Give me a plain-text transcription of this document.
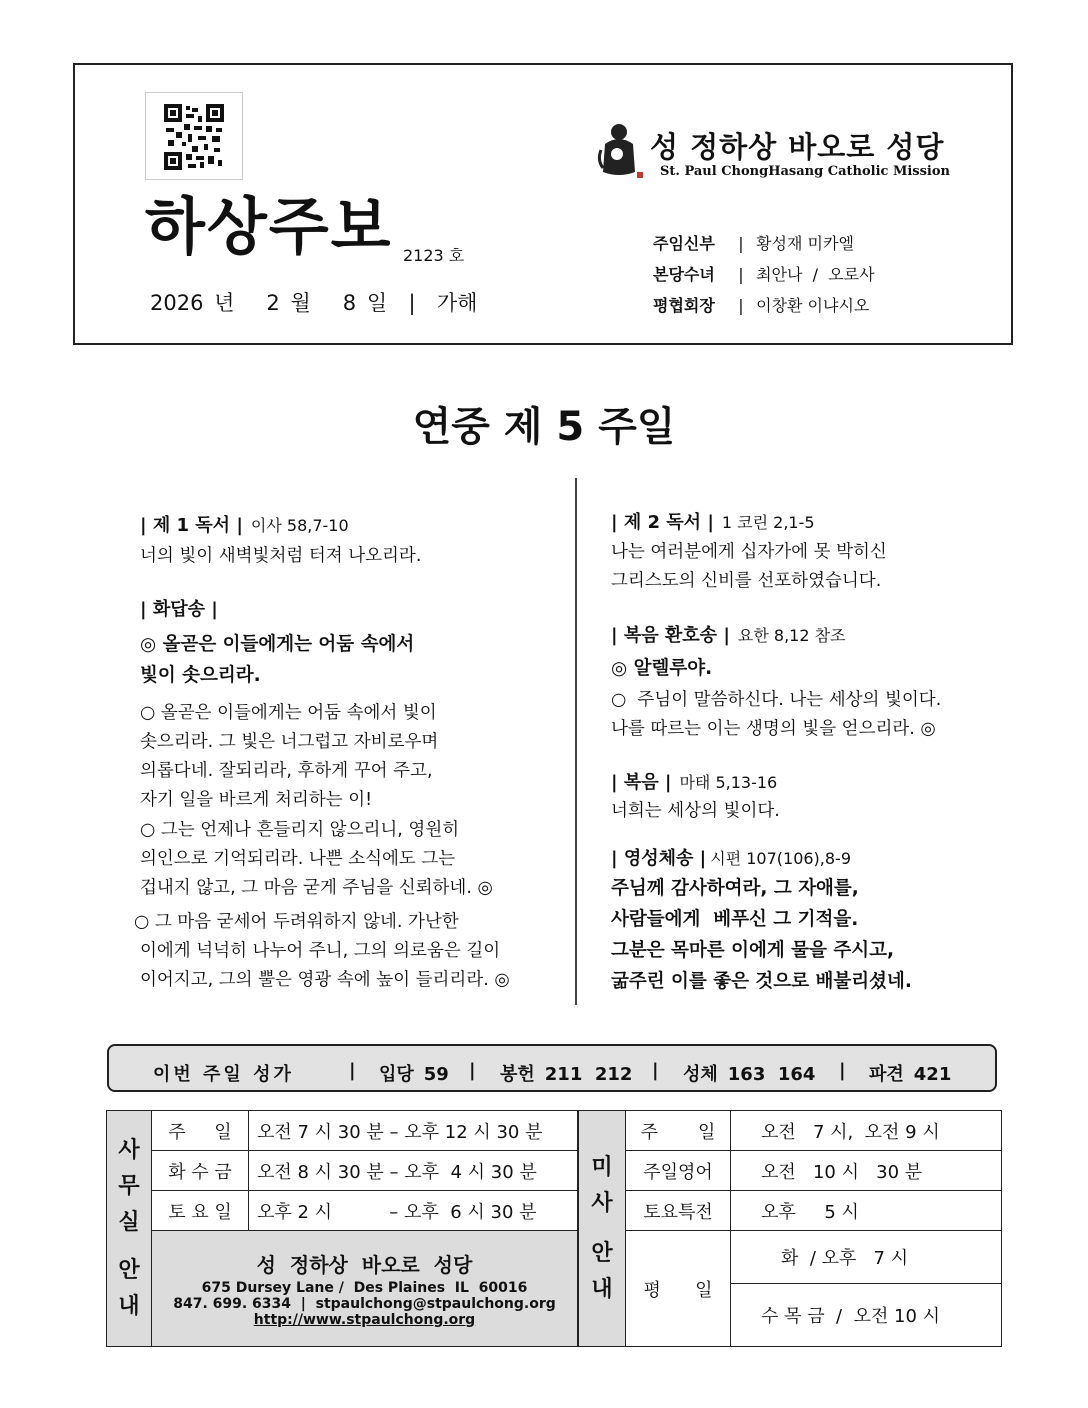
하상주보 2123 호
2026 년   2 월   8 일  |  가해
성 정하상 바오로 성당
St. Paul ChongHasang Catholic Mission
주임신부 | 황성재 미카엘
본당수녀 | 최안나  /  오로사
평협회장 | 이창환 이냐시오
연중 제 5 주일
| 제 1 독서 | 이사 58,7-10
너의 빛이 새벽빛처럼 터져 나오리라.
| 화답송 |
◎ 올곧은 이들에게는 어둠 속에서
빛이 솟으리라.
○ 올곧은 이들에게는 어둠 속에서 빛이
솟으리라. 그 빛은 너그럽고 자비로우며
의롭다네. 잘되리라, 후하게 꾸어 주고,
자기 일을 바르게 처리하는 이!
○ 그는 언제나 흔들리지 않으리니, 영원히
의인으로 기억되리라. 나쁜 소식에도 그는
겁내지 않고, 그 마음 굳게 주님을 신뢰하네. ◎
○ 그 마음 굳세어 두려워하지 않네. 가난한
이에게 넉넉히 나누어 주니, 그의 의로움은 길이
이어지고, 그의 뿔은 영광 속에 높이 들리리라. ◎
| 제 2 독서 | 1 코린 2,1-5
나는 여러분에게 십자가에 못 박히신
그리스도의 신비를 선포하였습니다.
| 복음 환호송 | 요한 8,12 참조
◎ 알렐루야.
○  주님이 말씀하신다. 나는 세상의 빛이다.
나를 따르는 이는 생명의 빛을 얻으리라. ◎
| 복음 | 마태 5,13-16
너희는 세상의 빛이다.
| 영성체송 | 시편 107(106),8-9
주님께 감사하여라, 그 자애를,
사람들에게  베푸신 그 기적을.
그분은 목마른 이에게 물을 주시고,
굶주린 이를 좋은 것으로 배불리셨네.
이번 주일 성가	| 입당 59 | 봉헌 211  212 | 성체 163  164 | 파견 421
사무실
안내	주     일	오전 7 시 30 분 – 오후 12 시 30 분
	화 수 금	오전 8 시 30 분 – 오후  4 시 30 분
	토 요 일	오후 2 시          – 오후  6 시 30 분

	성  정하상  바오로  성당
675 Dursey Lane /  Des Plaines  IL  60016
847. 699. 6334  |  stpaulchong@stpaulchong.org
http://www.stpaulchong.org	
미사
안내	주       일	오전   7 시,  오전 9 시
	주일영어	오전   10 시   30 분
	토요특전	오후     5 시
	평      일	화  / 오후   7 시
		수 목 금  /  오전 10 시
